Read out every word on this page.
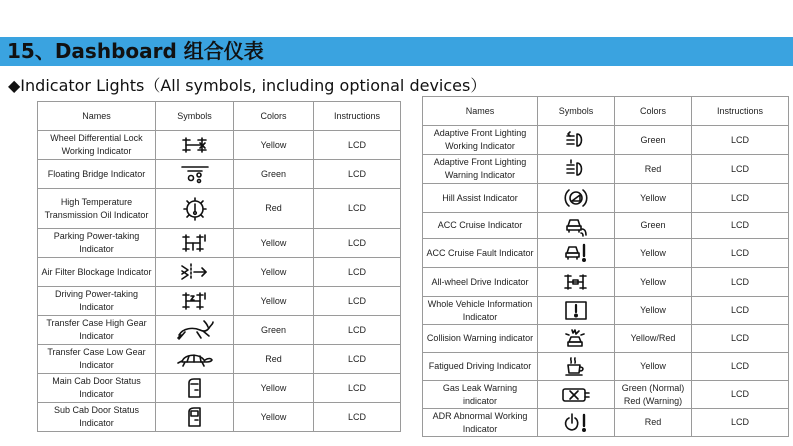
15、Dashboard 组合仪表
◆Indicator Lights（All symbols, including optional devices）
Names	Symbols	Colors	Instructions
Wheel Differential Lock Working Indicator		Yellow	LCD
Floating Bridge Indicator		Green	LCD
High Temperature Transmission Oil Indicator		Red	LCD
Parking Power-taking Indicator		Yellow	LCD
Air Filter Blockage Indicator		Yellow	LCD
Driving Power-taking Indicator		Yellow	LCD
Transfer Case High Gear Indicator		Green	LCD
Transfer Case Low Gear Indicator		Red	LCD
Main Cab Door Status Indicator		Yellow	LCD
Sub Cab Door Status Indicator		Yellow	LCD
Names	Symbols	Colors	Instructions
Adaptive Front Lighting Working Indicator		Green	LCD
Adaptive Front Lighting Warning Indicator		Red	LCD
Hill Assist Indicator		Yellow	LCD
ACC Cruise Indicator		Green	LCD
ACC Cruise Fault Indicator		Yellow	LCD
All-wheel Drive Indicator		Yellow	LCD
Whole Vehicle Information Indicator		Yellow	LCD
Collision Warning indicator		Yellow/Red	LCD
Fatigued Driving Indicator		Yellow	LCD
Gas Leak Warning indicator		Green (Normal) Red (Warning)	LCD
ADR Abnormal Working Indicator		Red	LCD
